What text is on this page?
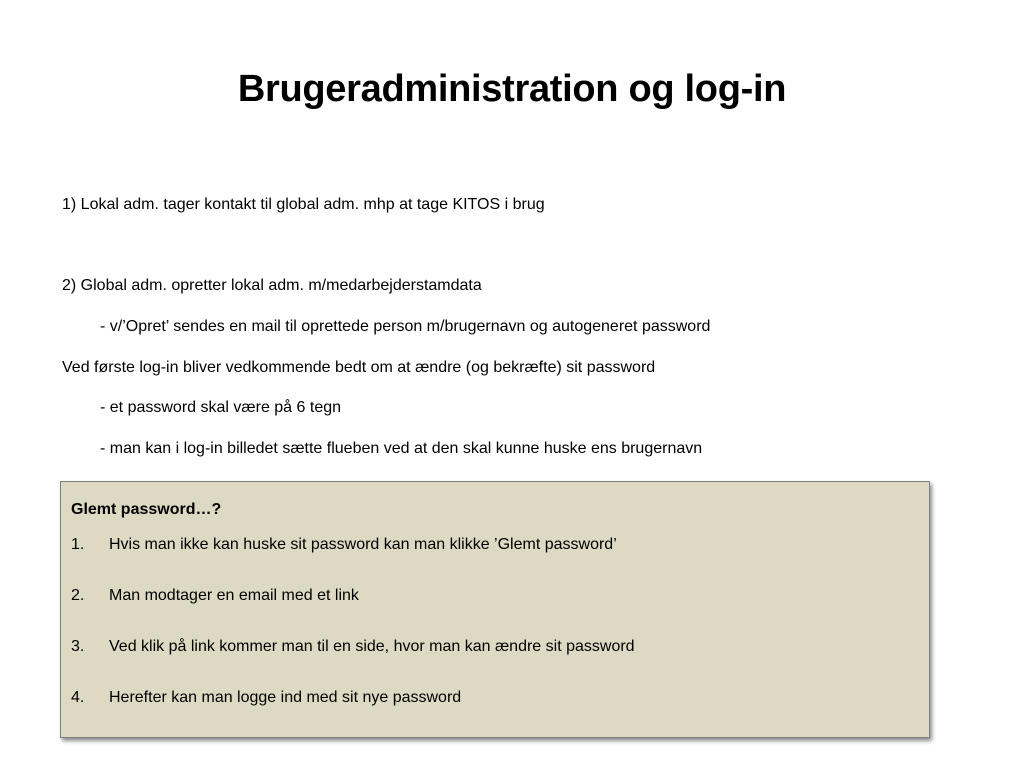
Brugeradministration og log-in
1) Lokal adm. tager kontakt til global adm. mhp at tage KITOS i brug
2) Global adm. opretter lokal adm. m/medarbejderstamdata
- v/’Opret’ sendes en mail til oprettede person m/brugernavn og autogeneret password
Ved første log-in bliver vedkommende bedt om at ændre (og bekræfte) sit password
- et password skal være på 6 tegn
- man kan i log-in billedet sætte flueben ved at den skal kunne huske ens brugernavn
Glemt password…?
1. Hvis man ikke kan huske sit password kan man klikke ’Glemt password’
2. Man modtager en email med et link
3. Ved klik på link kommer man til en side, hvor man kan ændre sit password
4. Herefter kan man logge ind med sit nye password
